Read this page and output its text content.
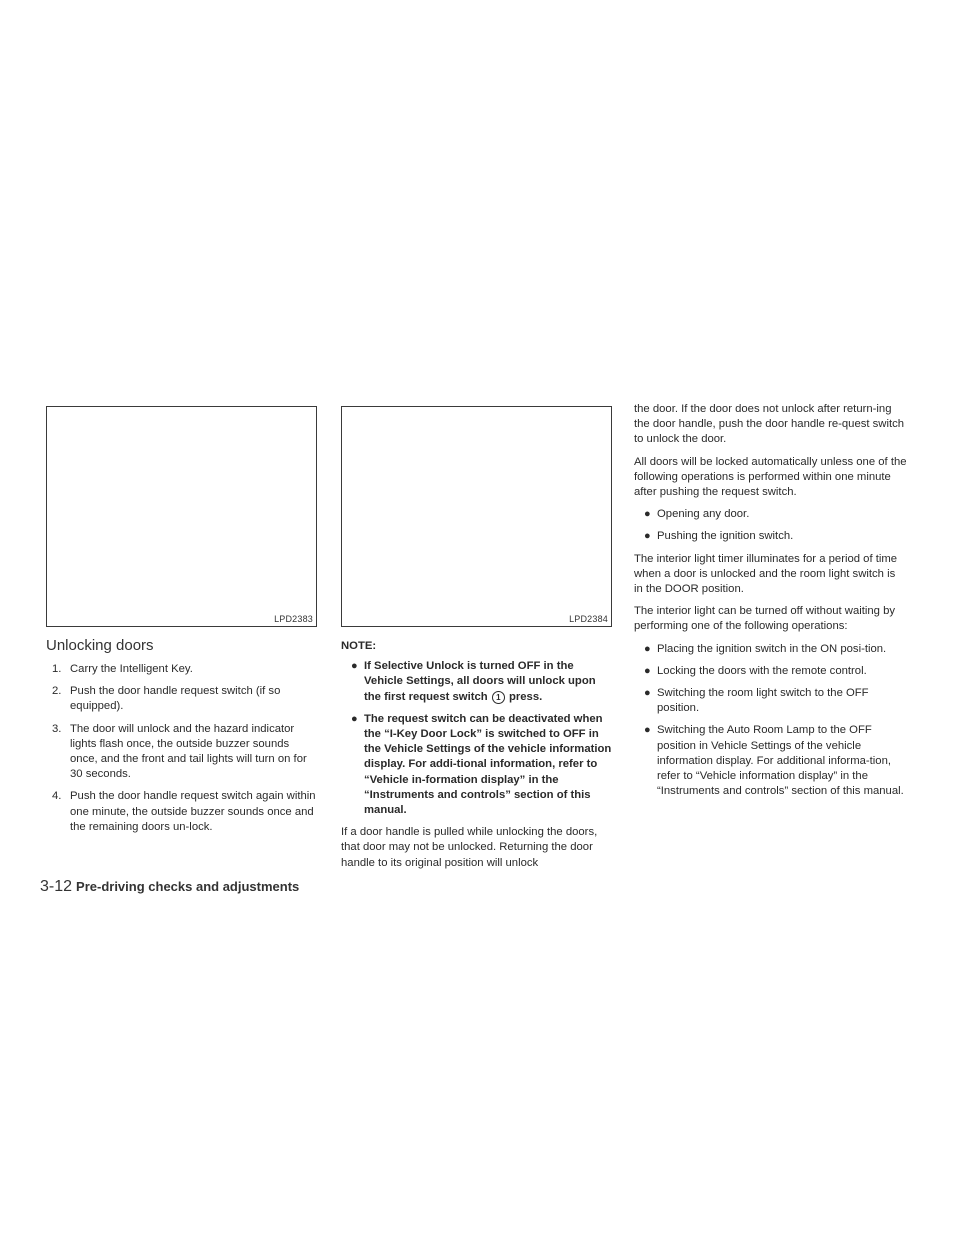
LPD2383	LPD2384
Unlocking doors
1. Carry the Intelligent Key.
2. Push the door handle request switch (if so equipped).
3. The door will unlock and the hazard indicator lights flash once, the outside buzzer sounds once, and the front and tail lights will turn on for 30 seconds.
4. Push the door handle request switch again within one minute, the outside buzzer sounds once and the remaining doors un-lock.
NOTE:
● If Selective Unlock is turned OFF in the Vehicle Settings, all doors will unlock upon the first request switch 1 press.
● The request switch can be deactivated when the “I-Key Door Lock” is switched to OFF in the Vehicle Settings of the vehicle information display. For addi-tional information, refer to “Vehicle in-formation display” in the “Instruments and controls” section of this manual.

If a door handle is pulled while unlocking the doors, that door may not be unlocked. Returning the door handle to its original position will unlock

the door. If the door does not unlock after return-ing the door handle, push the door handle re-quest switch to unlock the door.

All doors will be locked automatically unless one of the following operations is performed within one minute after pushing the request switch.

● Opening any door.
● Pushing the ignition switch.

The interior light timer illuminates for a period of time when a door is unlocked and the room light switch is in the DOOR position.

The interior light can be turned off without waiting by performing one of the following operations:

● Placing the ignition switch in the ON posi-tion.
● Locking the doors with the remote control.
● Switching the room light switch to the OFF position.
● Switching the Auto Room Lamp to the OFF position in Vehicle Settings of the vehicle information display. For additional informa-tion, refer to “Vehicle information display” in the “Instruments and controls” section of this manual.
3-12 Pre-driving checks and adjustments
